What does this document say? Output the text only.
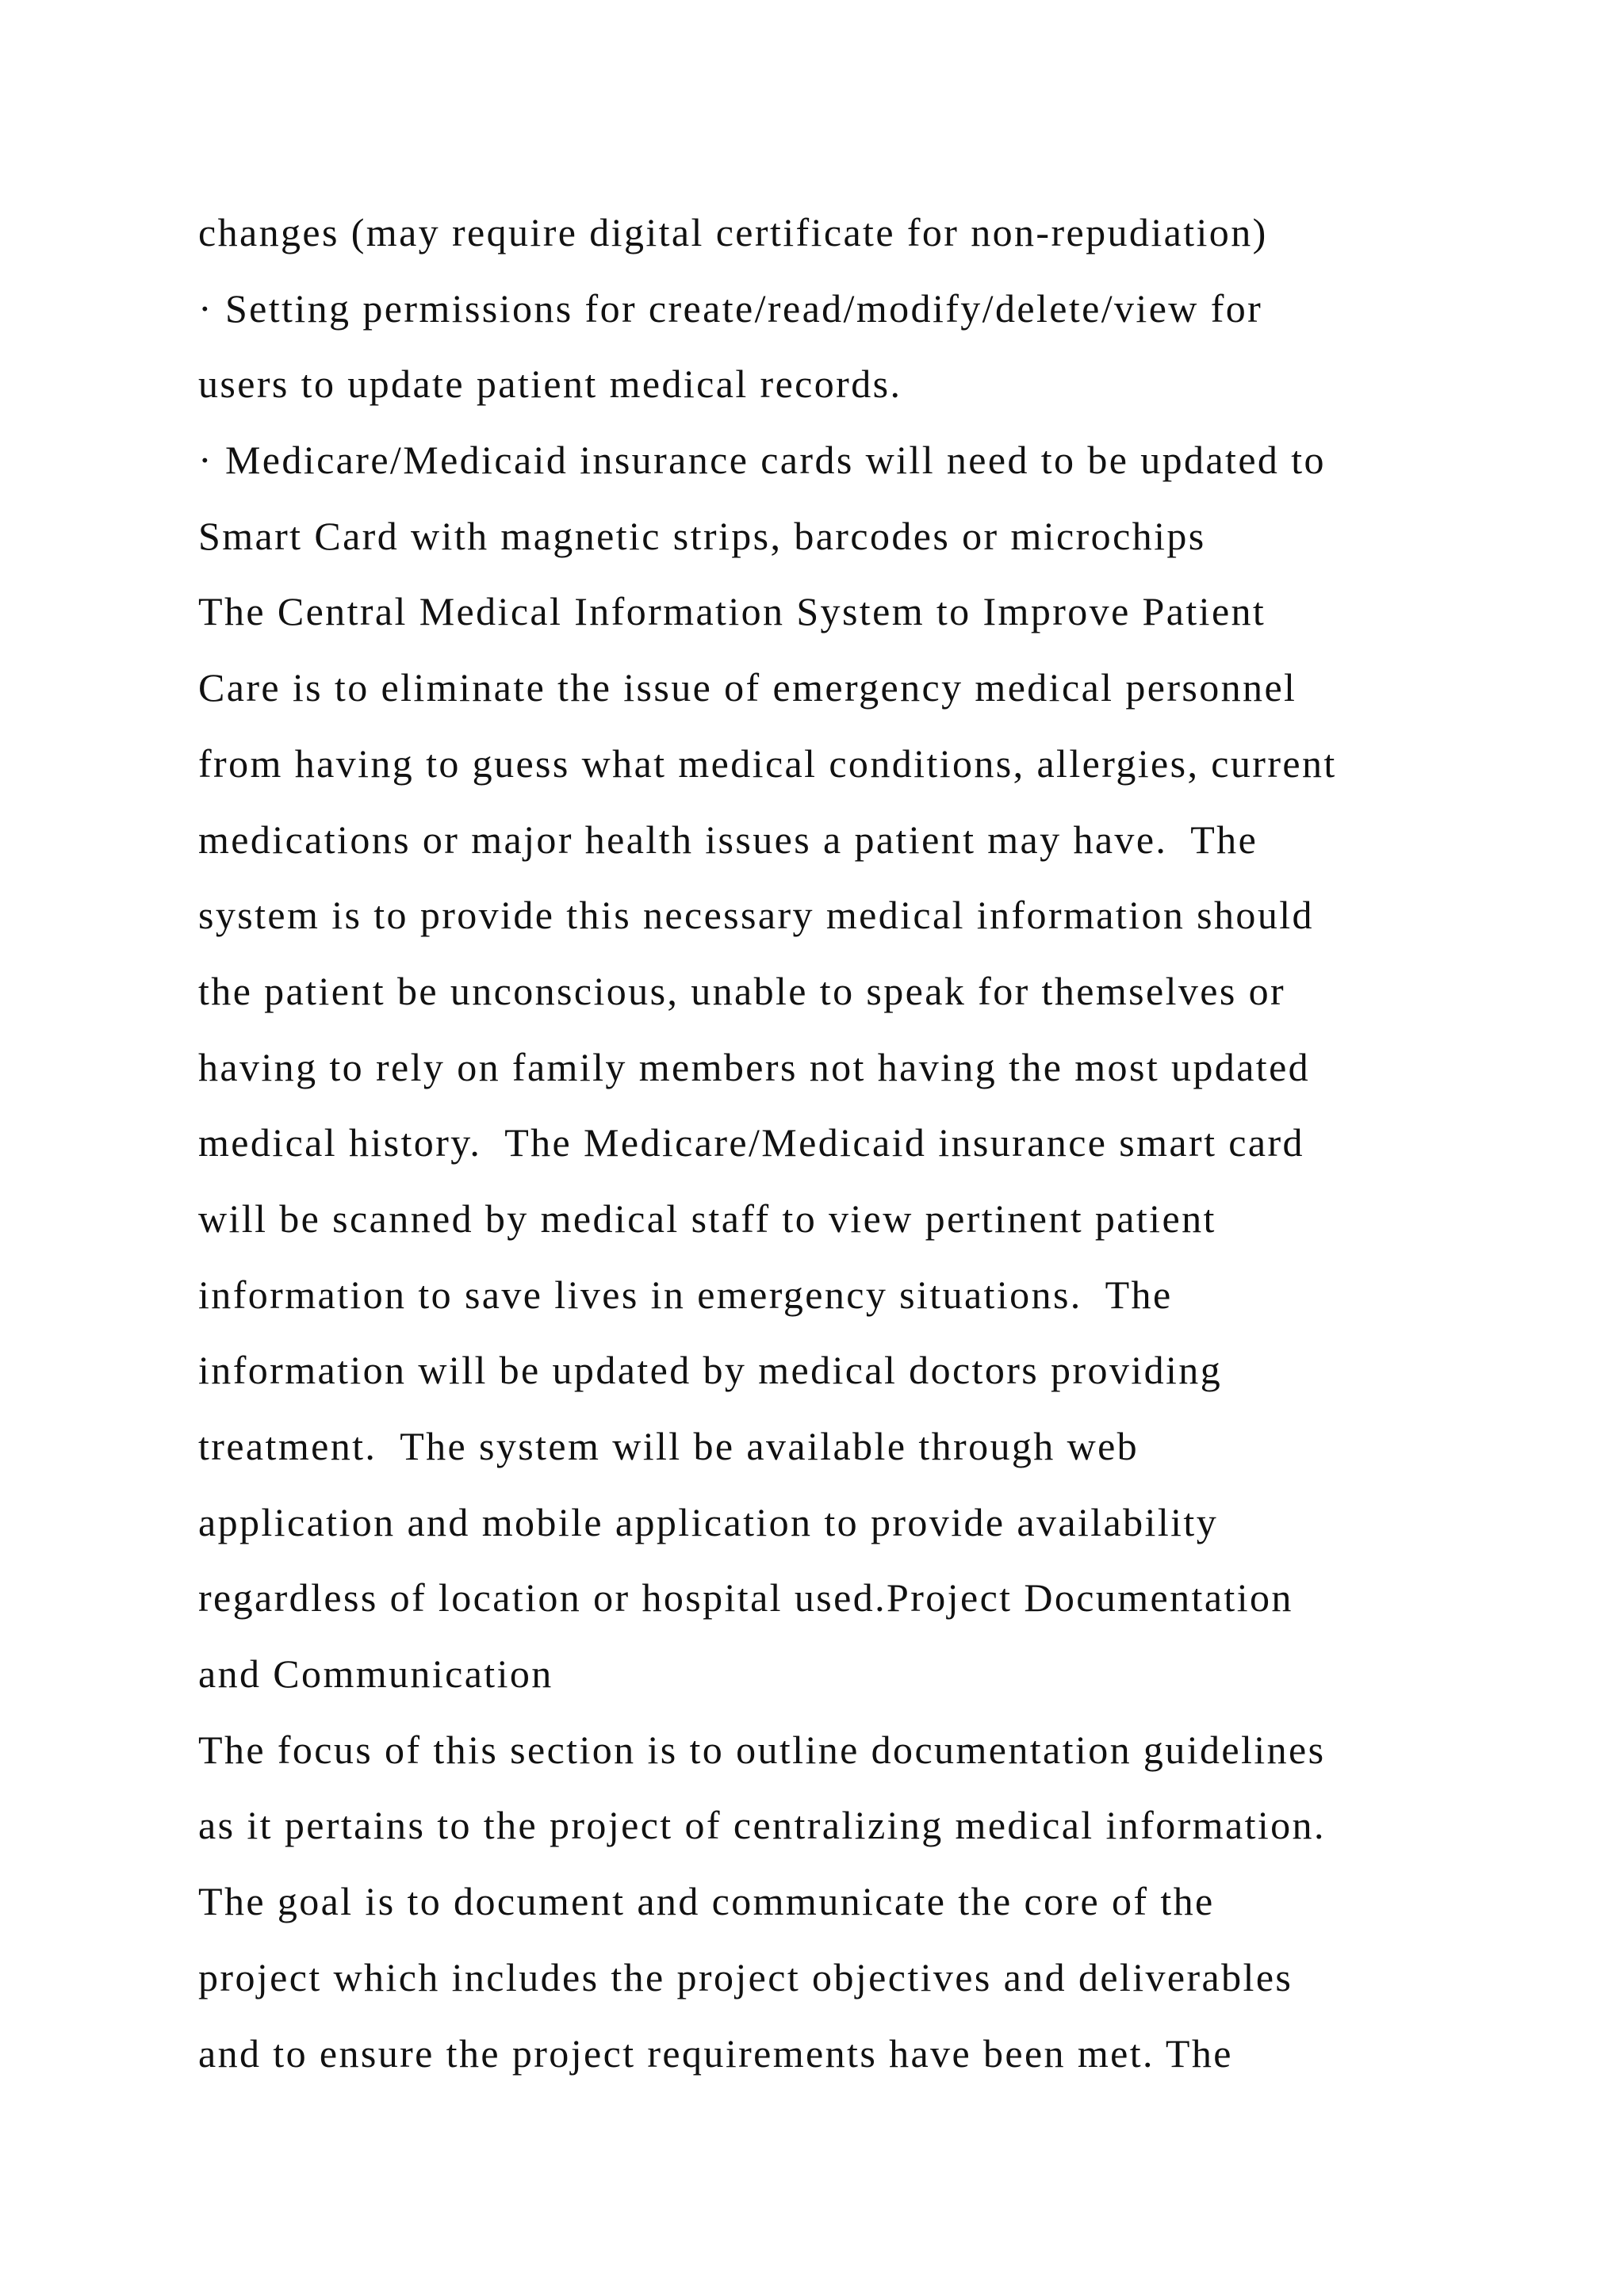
changes (may require digital certificate for non-repudiation)
· Setting permissions for create/read/modify/delete/view for
users to update patient medical records.
· Medicare/Medicaid insurance cards will need to be updated to
Smart Card with magnetic strips, barcodes or microchips
The Central Medical Information System to Improve Patient
Care is to eliminate the issue of emergency medical personnel
from having to guess what medical conditions, allergies, current
medications or major health issues a patient may have.  The
system is to provide this necessary medical information should
the patient be unconscious, unable to speak for themselves or
having to rely on family members not having the most updated
medical history.  The Medicare/Medicaid insurance smart card
will be scanned by medical staff to view pertinent patient
information to save lives in emergency situations.  The
information will be updated by medical doctors providing
treatment.  The system will be available through web
application and mobile application to provide availability
regardless of location or hospital used.Project Documentation
and Communication
The focus of this section is to outline documentation guidelines
as it pertains to the project of centralizing medical information.
The goal is to document and communicate the core of the
project which includes the project objectives and deliverables
and to ensure the project requirements have been met. The
